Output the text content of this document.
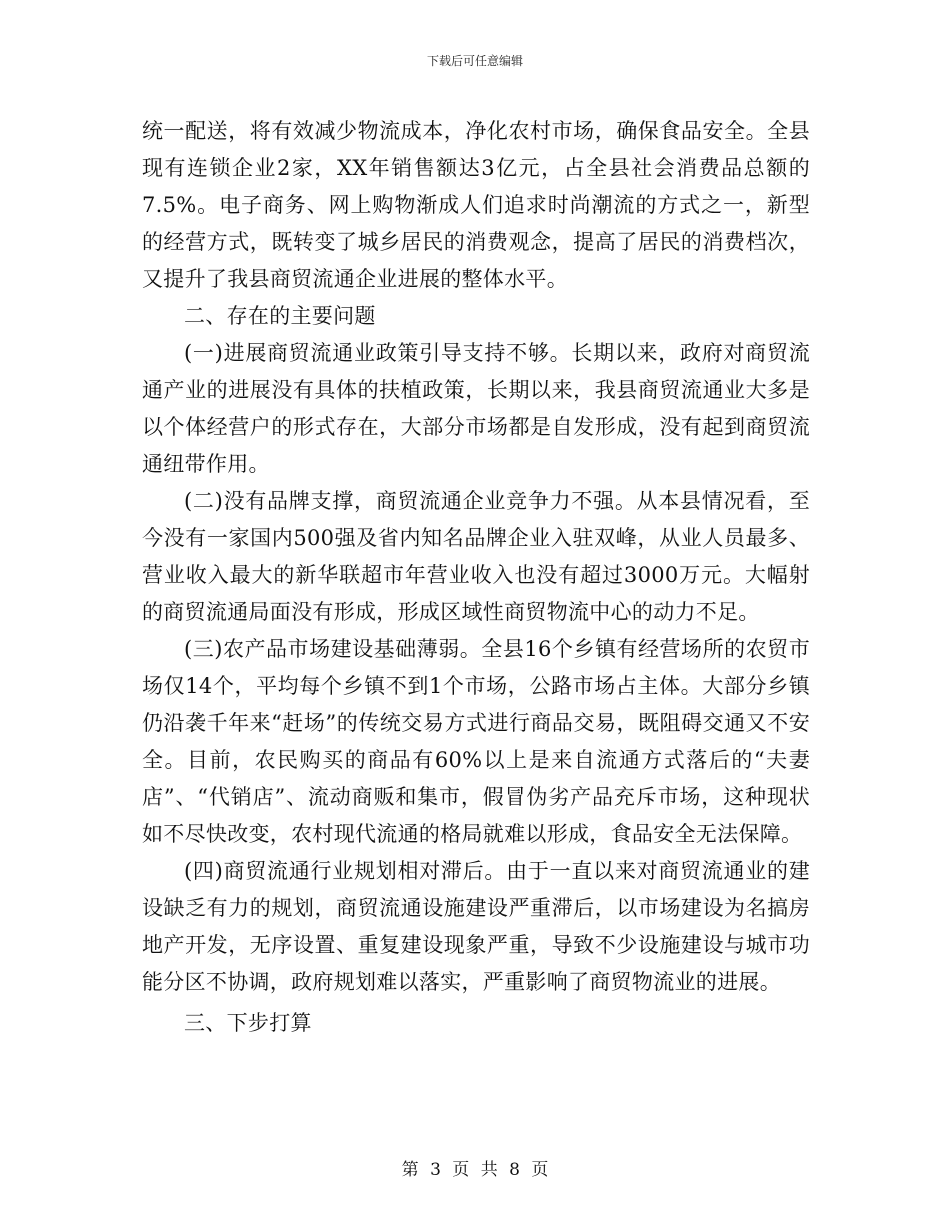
下载后可任意编辑

统一配送，将有效减少物流成本，净化农村市场，确保食品安全。全县现有连锁企业2家，XX年销售额达3亿元，占全县社会消费品总额的7.5%。电子商务、网上购物渐成人们追求时尚潮流的方式之一，新型的经营方式，既转变了城乡居民的消费观念，提高了居民的消费档次，又提升了我县商贸流通企业进展的整体水平。

二、存在的主要问题

(一)进展商贸流通业政策引导支持不够。长期以来，政府对商贸流通产业的进展没有具体的扶植政策，长期以来，我县商贸流通业大多是以个体经营户的形式存在，大部分市场都是自发形成，没有起到商贸流通纽带作用。

(二)没有品牌支撑，商贸流通企业竞争力不强。从本县情况看，至今没有一家国内500强及省内知名品牌企业入驻双峰，从业人员最多、营业收入最大的新华联超市年营业收入也没有超过3000万元。大幅射的商贸流通局面没有形成，形成区域性商贸物流中心的动力不足。

(三)农产品市场建设基础薄弱。全县16个乡镇有经营场所的农贸市场仅14个，平均每个乡镇不到1个市场，公路市场占主体。大部分乡镇仍沿袭千年来“赶场”的传统交易方式进行商品交易，既阻碍交通又不安全。目前，农民购买的商品有60%以上是来自流通方式落后的“夫妻店”、“代销店”、流动商贩和集市，假冒伪劣产品充斥市场，这种现状如不尽快改变，农村现代流通的格局就难以形成，食品安全无法保障。

(四)商贸流通行业规划相对滞后。由于一直以来对商贸流通业的建设缺乏有力的规划，商贸流通设施建设严重滞后，以市场建设为名搞房地产开发，无序设置、重复建设现象严重，导致不少设施建设与城市功能分区不协调，政府规划难以落实，严重影响了商贸物流业的进展。

三、下步打算

第 3 页 共 8 页
